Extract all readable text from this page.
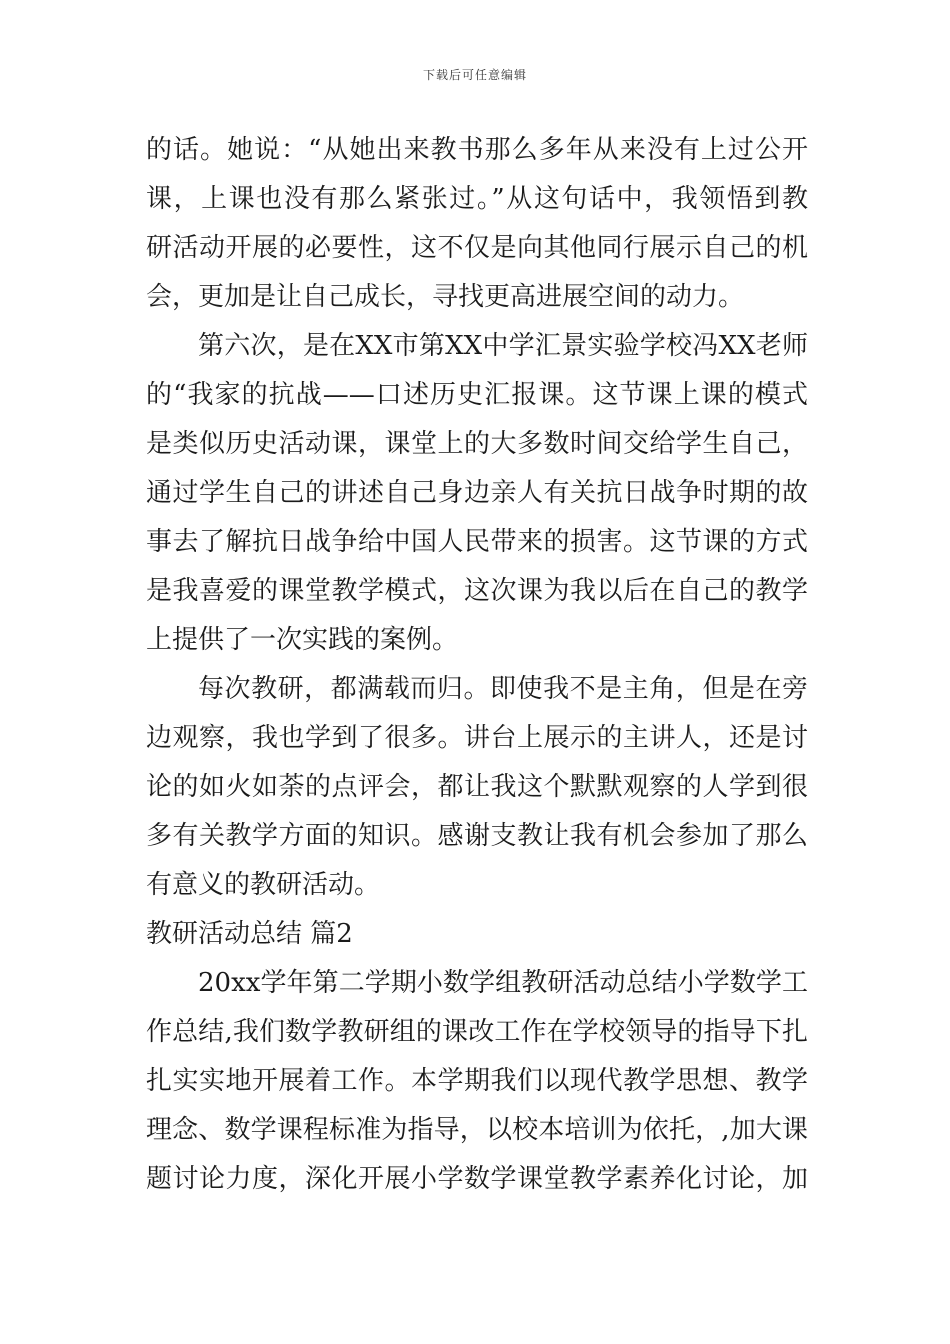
下载后可任意编辑
的话。她说：“从她出来教书那么多年从来没有上过公开
课，上课也没有那么紧张过。”从这句话中，我领悟到教
研活动开展的必要性，这不仅是向其他同行展示自己的机
会，更加是让自己成长，寻找更高进展空间的动力。
第六次，是在XX市第XX中学汇景实验学校冯XX老师
的“我家的抗战——口述历史汇报课。这节课上课的模式
是类似历史活动课，课堂上的大多数时间交给学生自己，
通过学生自己的讲述自己身边亲人有关抗日战争时期的故
事去了解抗日战争给中国人民带来的损害。这节课的方式
是我喜爱的课堂教学模式，这次课为我以后在自己的教学
上提供了一次实践的案例。
每次教研，都满载而归。即使我不是主角，但是在旁
边观察，我也学到了很多。讲台上展示的主讲人，还是讨
论的如火如荼的点评会，都让我这个默默观察的人学到很
多有关教学方面的知识。感谢支教让我有机会参加了那么
有意义的教研活动。
教研活动总结 篇2
20xx学年第二学期小数学组教研活动总结小学数学工
作总结,我们数学教研组的课改工作在学校领导的指导下扎
扎实实地开展着工作。本学期我们以现代教学思想、教学
理念、数学课程标准为指导，以校本培训为依托，,加大课
题讨论力度，深化开展小学数学课堂教学素养化讨论，加
